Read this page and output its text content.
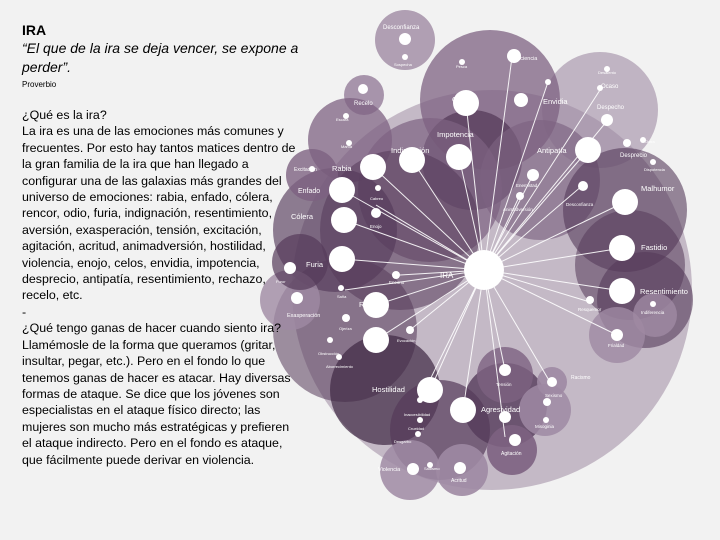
Desconfianza
Sospecha
Celos
Impaciencia
Pesca
Desalento
Envidia
Ocaso
Recelo
Escara
Impotencia
Despecho
Manía	Indignación
Desprecio
Antipatía
Ostra
Excitación Rabia	Dispotencia
Enfado
Cabreo
Enemistad	Malhumor
Desconfianza
Animadversión
Cólera
Enojo
Fastidio
Furia
IRA
Encono
Furor
Saña
Resentimiento
Rencor
Resquemor
Ojeriza
Indiferencia
Exasperación
Odio	Evocación
Frialdad
Obstrucción
Aborrecimiento
Racismo
Hostilidad
Tensión
Sexismo
Inaccesibilidad
Agresividad
Misoginia
Crueldad
Desgarbo
Agitación
Violencia	Sadismo
Acritud

IRA

“El que de la ira se deja vencer, se expone a perder”.

Proverbio

¿Qué es la ira?

La ira es una de las emociones más comunes y frecuentes. Por esto hay tantos matices dentro de la gran familia de la ira que han llegado a configurar una de las galaxias más grandes del universo de emociones: rabia, enfado, cólera, rencor, odio, furia, indignación, resentimiento, aversión, exasperación, tensión, excitación, agitación, acritud, animadversión, hostilidad, violencia, enojo, celos, envidia, impotencia, desprecio, antipatía, resentimiento, rechazo, recelo, etc.

-

¿Qué tengo ganas de hacer cuando siento ira?

Llamémosle de la forma que queramos (gritar, insultar, pegar, etc.). Pero en el fondo lo que tenemos ganas de hacer es atacar. Hay diversas formas de ataque. Se dice que los jóvenes son especialistas en el ataque físico directo; las mujeres son mucho más estratégicas y prefieren el ataque indirecto. Pero en el fondo es ataque, que fácilmente puede derivar en violencia.
